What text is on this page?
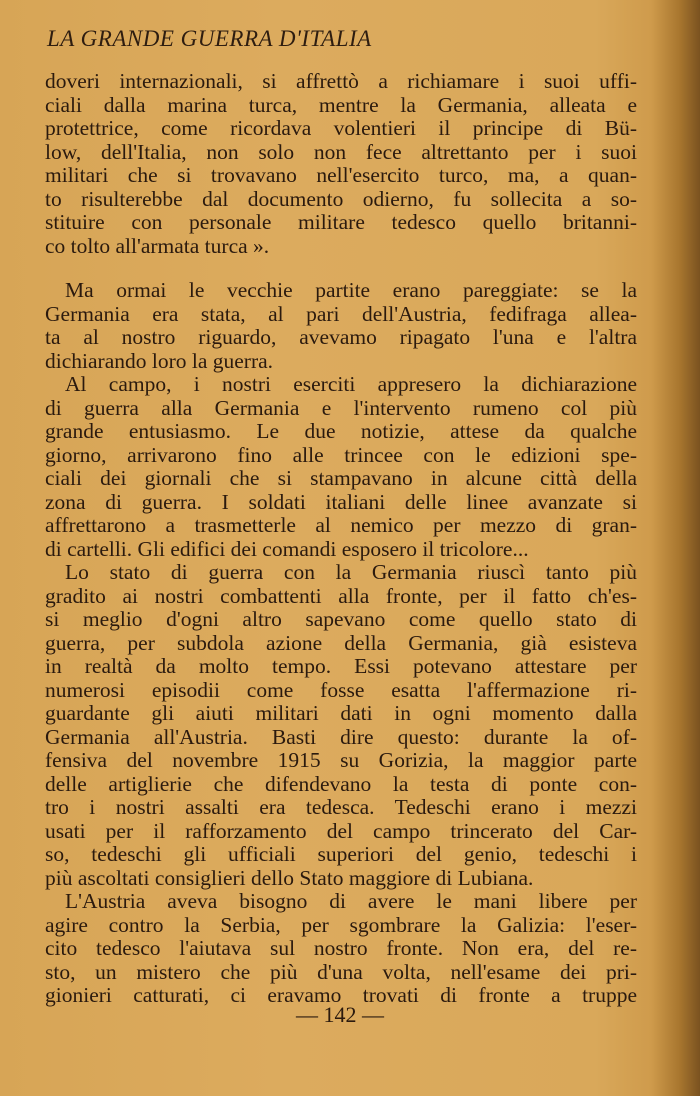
LA GRANDE GUERRA D'ITALIA
doveri internazionali, si affrettò a richiamare i suoi uffi-
ciali dalla marina turca, mentre la Germania, alleata e
protettrice, come ricordava volentieri il principe di Bü-
low, dell'Italia, non solo non fece altrettanto per i suoi
militari che si trovavano nell'esercito turco, ma, a quan-
to risulterebbe dal documento odierno, fu sollecita a so-
stituire con personale militare tedesco quello britanni-
co tolto all'armata turca ».
Ma ormai le vecchie partite erano pareggiate: se la
Germania era stata, al pari dell'Austria, fedifraga allea-
ta al nostro riguardo, avevamo ripagato l'una e l'altra
dichiarando loro la guerra.
Al campo, i nostri eserciti appresero la dichiarazione
di guerra alla Germania e l'intervento rumeno col più
grande entusiasmo. Le due notizie, attese da qualche
giorno, arrivarono fino alle trincee con le edizioni spe-
ciali dei giornali che si stampavano in alcune città della
zona di guerra. I soldati italiani delle linee avanzate si
affrettarono a trasmetterle al nemico per mezzo di gran-
di cartelli. Gli edifici dei comandi esposero il tricolore...
Lo stato di guerra con la Germania riuscì tanto più
gradito ai nostri combattenti alla fronte, per il fatto ch'es-
si meglio d'ogni altro sapevano come quello stato di
guerra, per subdola azione della Germania, già esisteva
in realtà da molto tempo. Essi potevano attestare per
numerosi episodii come fosse esatta l'affermazione ri-
guardante gli aiuti militari dati in ogni momento dalla
Germania all'Austria. Basti dire questo: durante la of-
fensiva del novembre 1915 su Gorizia, la maggior parte
delle artiglierie che difendevano la testa di ponte con-
tro i nostri assalti era tedesca. Tedeschi erano i mezzi
usati per il rafforzamento del campo trincerato del Car-
so, tedeschi gli ufficiali superiori del genio, tedeschi i
più ascoltati consiglieri dello Stato maggiore di Lubiana.
L'Austria aveva bisogno di avere le mani libere per
agire contro la Serbia, per sgombrare la Galizia: l'eser-
cito tedesco l'aiutava sul nostro fronte. Non era, del re-
sto, un mistero che più d'una volta, nell'esame dei pri-
gionieri catturati, ci eravamo trovati di fronte a truppe
— 142 —
